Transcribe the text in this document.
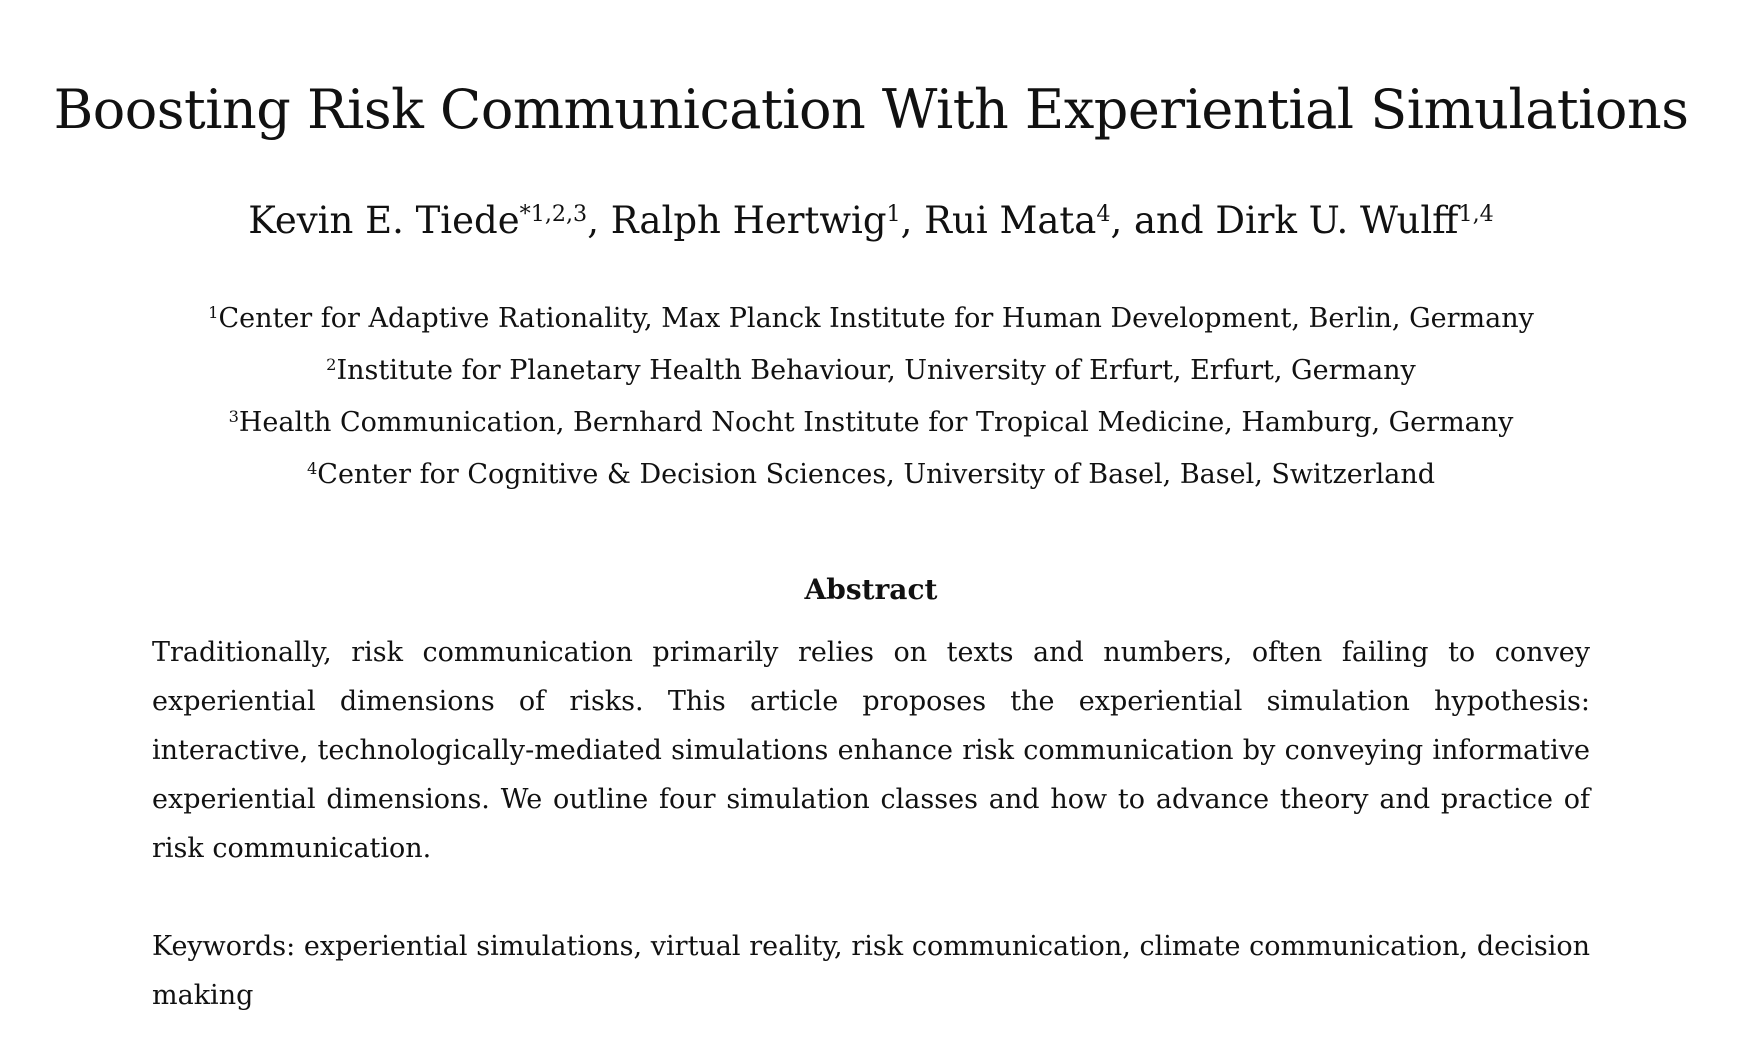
Boosting Risk Communication With Experiential Simulations
Kevin E. Tiede$^{*1,2,3}$, Ralph Hertwig$^1$, Rui Mata$^4$, and Dirk U. Wulff$^{1,4}$
$^1$Center for Adaptive Rationality, Max Planck Institute for Human Development, Berlin, Germany
$^2$Institute for Planetary Health Behaviour, University of Erfurt, Erfurt, Germany
$^3$Health Communication, Bernhard Nocht Institute for Tropical Medicine, Hamburg, Germany
$^4$Center for Cognitive & Decision Sciences, University of Basel, Basel, Switzerland
Abstract

Traditionally, risk communication primarily relies on texts and numbers, often failing to convey experiential dimensions of risks. This article proposes the experiential simulation hypothesis: interactive, technologically-mediated simulations enhance risk communication by conveying informative experiential dimensions. We outline four simulation classes and how to advance theory and practice of risk communication.

Keywords: experiential simulations, virtual reality, risk communication, climate communication, decision making
